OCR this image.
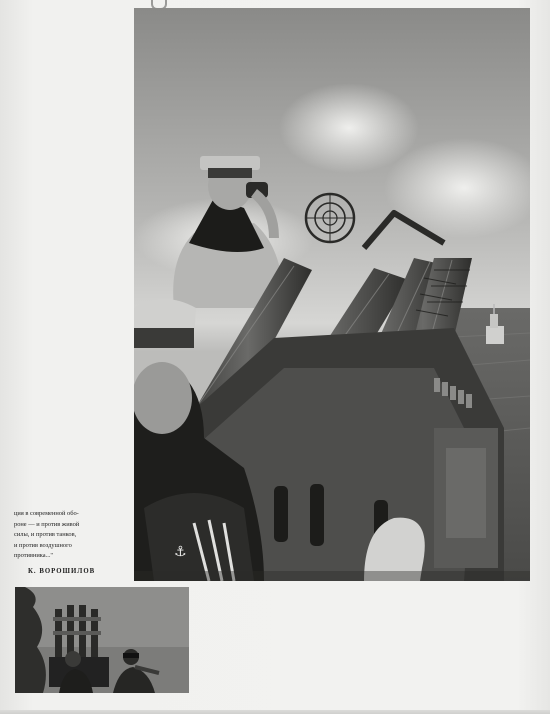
⚓
ция в современной обо-
роне — и против живой
силы, и против танков,
и против воздушного
противника..."
К. ВОРОШИЛОВ
